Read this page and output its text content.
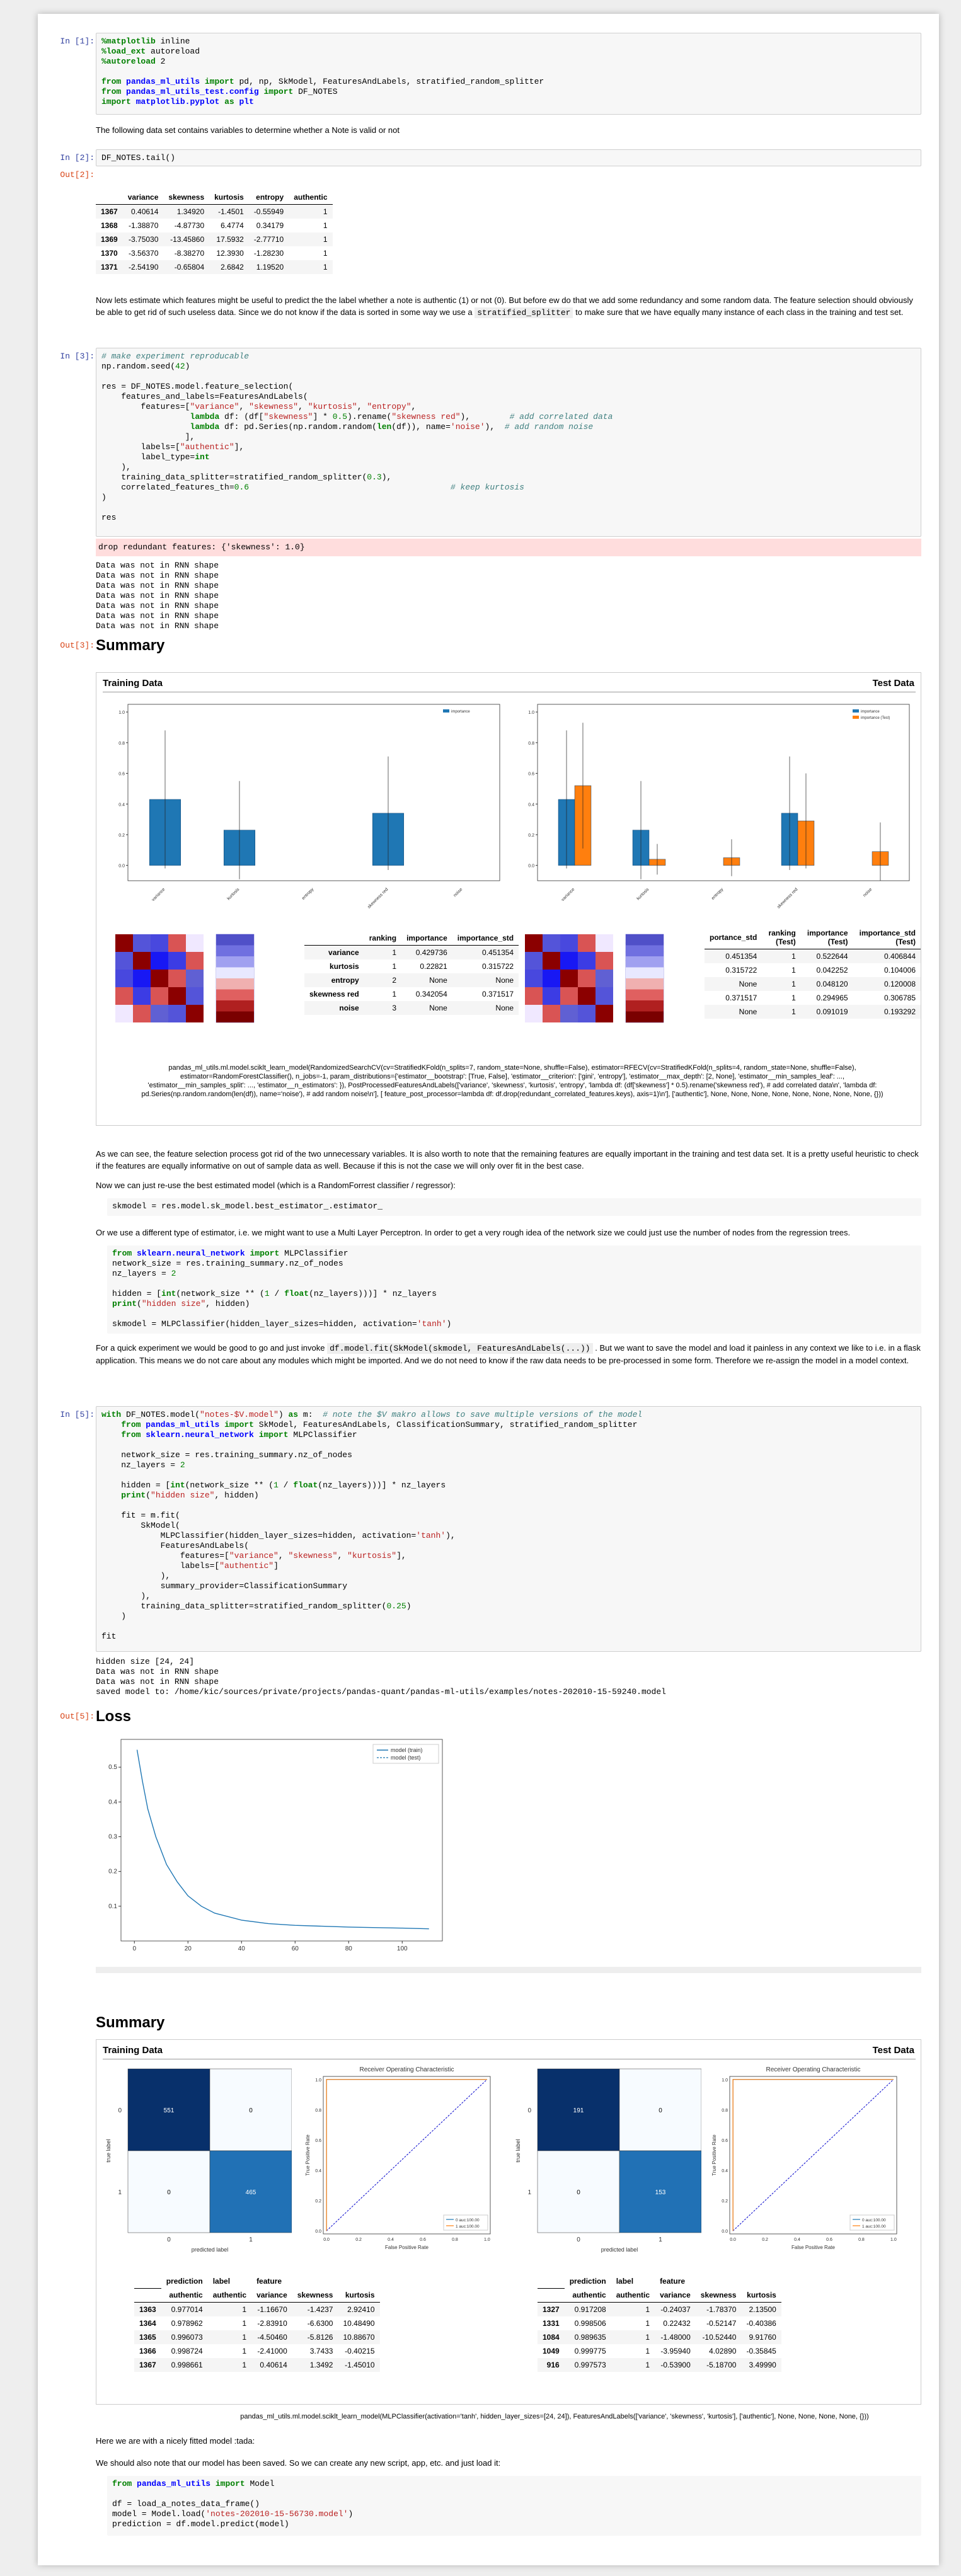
In [1]: %matplotlib inline
%load_ext autoreload
%autoreload 2

from pandas_ml_utils import pd, np, SkModel, FeaturesAndLabels, stratified_random_splitter
from pandas_ml_utils_test.config import DF_NOTES
import matplotlib.pyplot as plt
The following data set contains variables to determine whether a Note is valid or not
In [2]: DF_NOTES.tail()
Out[2]:
	variance	skewness	kurtosis	entropy	authentic
1367	0.40614	1.34920	-1.4501	-0.55949	1
1368	-1.38870	-4.87730	6.4774	0.34179	1
1369	-3.75030	-13.45860	17.5932	-2.77710	1
1370	-3.56370	-8.38270	12.3930	-1.28230	1
1371	-2.54190	-0.65804	2.6842	1.19520	1
Now lets estimate which features might be useful to predict the the label whether a note is authentic (1) or not (0). But before ew do that we add some redundancy and some random data. The feature selection should obviously be able to get rid of such useless data. Since we do not know if the data is sorted in some way we use a stratified_splitter to make sure that we have equally many instance of each class in the training and test set.
In [3]: # make experiment reproducable
np.random.seed(42)

res = DF_NOTES.model.feature_selection(
features_and_labels=FeaturesAndLabels(
features=["variance", "skewness", "kurtosis", "entropy",
lambda df: (df["skewness"] * 0.5).rename("skewness red"),        # add correlated data
lambda df: pd.Series(np.random.random(len(df)), name='noise'),  # add random noise
],
labels=["authentic"],
label_type=int
),
training_data_splitter=stratified_random_splitter(0.3),
correlated_features_th=0.6	# keep kurtosis
)

res
drop redundant features: {'skewness': 1.0}
Data was not in RNN shape
Data was not in RNN shape
Data was not in RNN shape
Data was not in RNN shape
Data was not in RNN shape
Data was not in RNN shape
Data was not in RNN shape
Out[3]: Summary
Training Data	Test Data
0.0
0.2
0.4
0.6
0.8
1.0
variance	kurtosis	entropy	skewness red	noise
importance
0.0
0.2
0.4
0.6
0.8
1.0
variance	kurtosis	entropy	skewness red	noise
importance
importance (Test)
	ranking	importance	importance_std
variance	1	0.429736	0.451354
kurtosis	1	0.22821	0.315722
entropy	2	None	None
skewness red	1	0.342054	0.371517
noise	3	None	None
portance_std	ranking (Test)	importance (Test)	importance_std (Test)
0.451354	1	0.522644	0.406844
0.315722	1	0.042252	0.104006
None	1	0.048120	0.120008
0.371517	1	0.294965	0.306785
None	1	0.091019	0.193292
pandas_ml_utils.ml.model.sciklt_learn_model(RandomizedSearchCV(cv=StratifiedKFold(n_splits=7, random_state=None, shuffle=False), estimator=RFECV(cv=StratifiedKFold(n_splits=4, random_state=None, shuffle=False), estimator=RandomForestClassifier(), n_jobs=-1, param_distributions={'estimator__bootstrap': [True, False], 'estimator__criterion': ['gini', 'entropy'], 'estimator__max_depth': [2, None], 'estimator__min_samples_leaf': ..., 'estimator__min_samples_split': ..., 'estimator__n_estimators': }), PostProcessedFeaturesAndLabels(['variance', 'skewness', 'kurtosis', 'entropy', 'lambda df: (df['skewness'] * 0.5).rename('skewness red'), # add correlated data\n', 'lambda df: pd.Series(np.random.random(len(df)), name='noise'), # add random noise\n'], [ feature_post_processor=lambda df: df.drop(redundant_correlated_features.keys), axis=1)\n'], ['authentic'], None, None, None, None, None, None, None, None, {}))
As we can see, the feature selection process got rid of the two unnecessary variables. It is also worth to note that the remaining features are equally important in the training and test data set. It is a pretty useful heuristic to check if the features are equally informative on out of sample data as well. Because if this is not the case we will only over fit in the best case.
Now we can just re-use the best estimated model (which is a RandomForrest classifier / regressor):
skmodel = res.model.sk_model.best_estimator_.estimator_
Or we use a different type of estimator, i.e. we might want to use a Multi Layer Perceptron. In order to get a very rough idea of the network size we could just use the number of nodes from the regression trees.
from sklearn.neural_network import MLPClassifier
network_size = res.training_summary.nz_of_nodes
nz_layers = 2

hidden = [int(network_size ** (1 / float(nz_layers)))] * nz_layers
print("hidden size", hidden)

skmodel = MLPClassifier(hidden_layer_sizes=hidden, activation='tanh')
For a quick experiment we would be good to go and just invoke df.model.fit(SkModel(skmodel, FeaturesAndLabels(...)) . But we want to save the model and load it painless in any context we like to i.e. in a flask application. This means we do not care about any modules which might be imported. And we do not need to know if the raw data needs to be pre-processed in some form. Therefore we re-assign the model in a model context.
In [5]: with DF_NOTES.model("notes-$V.model") as m:  # note the $V makro allows to save multiple versions of the model
from pandas_ml_utils import SkModel, FeaturesAndLabels, ClassificationSummary, stratified_random_splitter
from sklearn.neural_network import MLPClassifier

network_size = res.training_summary.nz_of_nodes
nz_layers = 2

hidden = [int(network_size ** (1 / float(nz_layers)))] * nz_layers
print("hidden size", hidden)

fit = m.fit(
SkModel(
MLPClassifier(hidden_layer_sizes=hidden, activation='tanh'),
FeaturesAndLabels(
features=["variance", "skewness", "kurtosis"],
labels=["authentic"]
),
summary_provider=ClassificationSummary
),
training_data_splitter=stratified_random_splitter(0.25)
)

fit
hidden size [24, 24]
Data was not in RNN shape
Data was not in RNN shape
saved model to: /home/kic/sources/private/projects/pandas-quant/pandas-ml-utils/examples/notes-202010-15-59240.model
Out[5]: Loss
0	20	40	60	80	100
0.1
0.2
0.3
0.4
0.5
model (train)
model (test)
Summary
Training Data	Test Data
551	0
0	465
0
0
1
1
predicted label
true label
Receiver Operating Characteristic
0.0
0.0
0.2
0.2
0.4
0.4
0.6
0.6
0.8
0.8
1.0
1.0
False Positive Rate
True Positive Rate
0 auc:100.00
1 auc:100.00
191	0
0	153
0
0
1
1
predicted label
true label
Receiver Operating Characteristic
0.0
0.0
0.2
0.2
0.4
0.4
0.6
0.6
0.8
0.8
1.0
1.0
False Positive Rate
True Positive Rate
0 auc:100.00
1 auc:100.00
	prediction	label	feature		
	authentic	authentic	variance	skewness	kurtosis
1363	0.977014	1	-1.16670	-1.4237	2.92410
1364	0.978962	1	-2.83910	-6.6300	10.48490
1365	0.996073	1	-4.50460	-5.8126	10.88670
1366	0.998724	1	-2.41000	3.7433	-0.40215
1367	0.998661	1	0.40614	1.3492	-1.45010
	prediction	label	feature		
	authentic	authentic	variance	skewness	kurtosis
1327	0.917208	1	-0.24037	-1.78370	2.13500
1331	0.998506	1	0.22432	-0.52147	-0.40386
1084	0.989635	1	-1.48000	-10.52440	9.91760
1049	0.999775	1	-3.95940	4.02890	-0.35845
916	0.997573	1	-0.53900	-5.18700	3.49990
pandas_ml_utils.ml.model.sciklt_learn_model(MLPClassifier(activation='tanh', hidden_layer_sizes=[24, 24]), FeaturesAndLabels(['variance', 'skewness', 'kurtosis'], ['authentic'], None, None, None, None, {}))
Here we are with a nicely fitted model :tada:
We should also note that our model has been saved. So we can create any new script, app, etc. and just load it:
from pandas_ml_utils import Model

df = load_a_notes_data_frame()
model = Model.load('notes-202010-15-56730.model')
prediction = df.model.predict(model)
